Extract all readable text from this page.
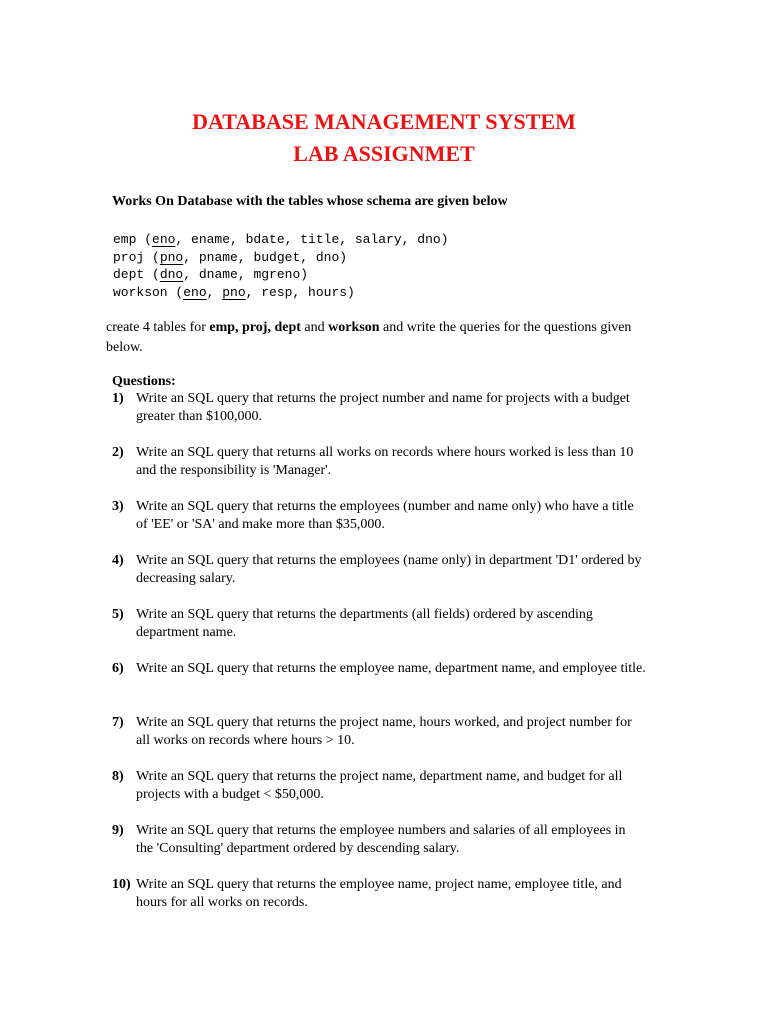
DATABASE MANAGEMENT SYSTEM
LAB ASSIGNMET

Works On Database with the tables whose schema are given below

emp (eno, ename, bdate, title, salary, dno)
proj (pno, pname, budget, dno)
dept (dno, dname, mgreno)
workson (eno, pno, resp, hours)

create 4 tables for emp, proj, dept and workson and write the queries for the questions given below.

Questions:

1) Write an SQL query that returns the project number and name for projects with a budget greater than $100,000.
2) Write an SQL query that returns all works on records where hours worked is less than 10 and the responsibility is 'Manager'.
3) Write an SQL query that returns the employees (number and name only) who have a title of 'EE' or 'SA' and make more than $35,000.
4) Write an SQL query that returns the employees (name only) in department 'D1' ordered by decreasing salary.
5) Write an SQL query that returns the departments (all fields) ordered by ascending department name.
6) Write an SQL query that returns the employee name, department name, and employee title.
7) Write an SQL query that returns the project name, hours worked, and project number for all works on records where hours > 10.
8) Write an SQL query that returns the project name, department name, and budget for all projects with a budget < $50,000.
9) Write an SQL query that returns the employee numbers and salaries of all employees in the 'Consulting' department ordered by descending salary.
10) Write an SQL query that returns the employee name, project name, employee title, and hours for all works on records.
